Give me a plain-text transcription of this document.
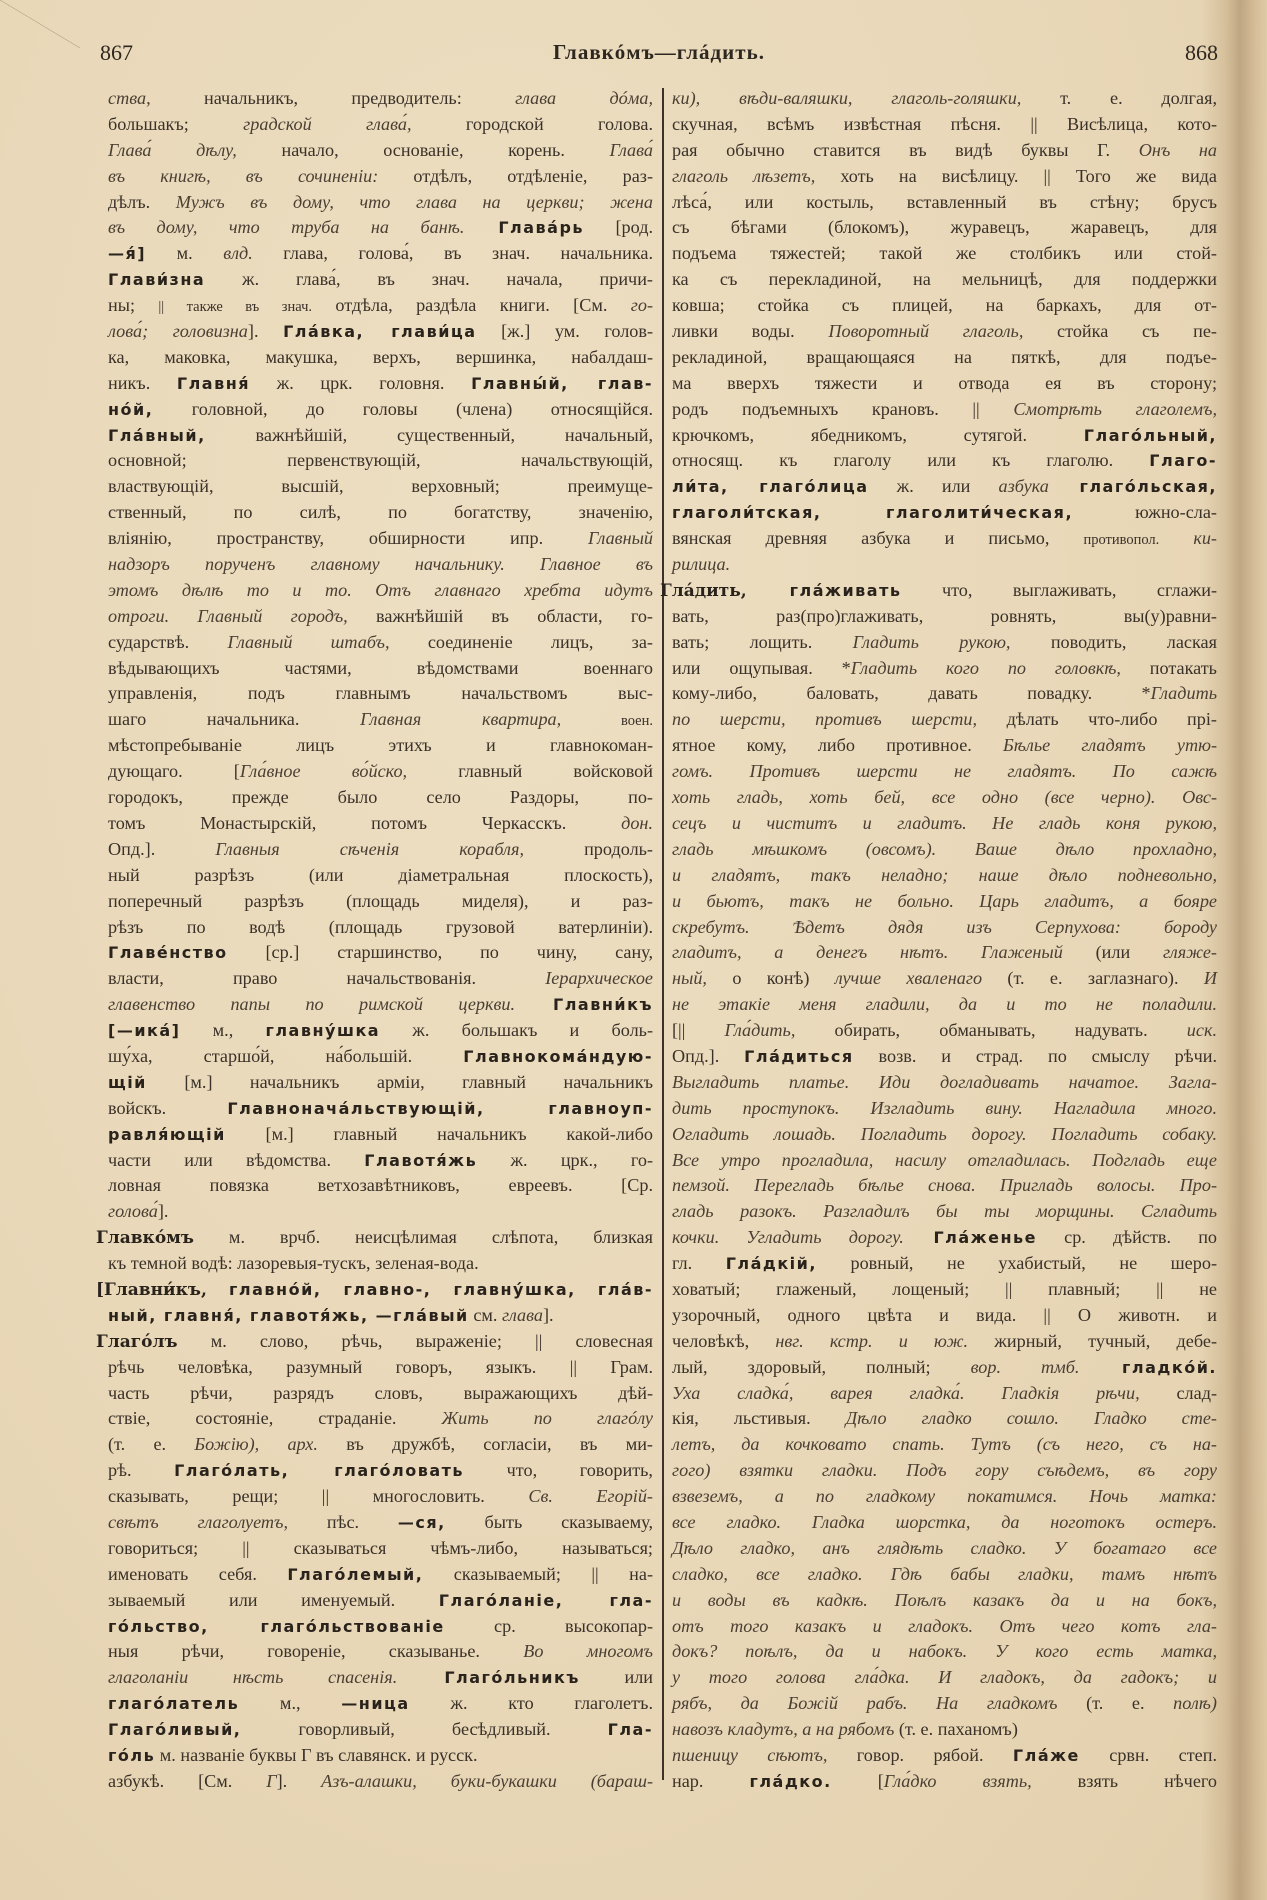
867	Главкóмъ—глáдить.	868
ства, начальникъ, предводитель: глава дóма,
большакъ; градской глава́, городской голова.
Глава́ дѣлу, начало, основаніе, корень. Глава́
въ книгѣ, въ сочиненіи: отдѣлъ, отдѣленіе, раз-
дѣлъ. Мужъ въ дому, что глава на церкви; жена
въ дому, что труба на банѣ. Глава́рь [род.
—я́] м. влд. глава, голова́, въ знач. начальника.
Глави́зна ж. глава́, въ знач. начала, причи-
ны; || также въ знач. отдѣла, раздѣла книги. [См. го-
лова́; головизна]. Гла́вка, глави́ца [ж.] ум. голов-
ка, маковка, макушка, верхъ, вершинка, набалдаш-
никъ. Главня́ ж. црк. головня. Главны́й, глав-
нóй, головной, до головы (члена) относящійся.
Гла́вный, важнѣйшій, существенный, начальный,
основной; первенствующій, начальствующій,
властвующій, высшій, верховный; преимуще-
ственный, по силѣ, по богатству, значенію,
вліянію, пространству, обширности ипр. Главный
надзоръ порученъ главному начальнику. Главное въ
этомъ дѣлѣ то и то. Отъ главнаго хребта идутъ
отроги. Главный городъ, важнѣйшій въ области, го-
сударствѣ. Главный штабъ, соединеніе лицъ, за-
вѣдывающихъ частями, вѣдомствами военнаго
управленія, подъ главнымъ начальствомъ выс-
шаго начальника. Главная квартира, воен.
мѣстопребываніе лицъ этихъ и главнокоман-
дующаго. [Гла́вное во́йско, главный войсковой
городокъ, прежде было село Раздоры, по-
томъ Монастырскій, потомъ Черкасскъ. дон.
Опд.]. Главныя сѣченія корабля, продоль-
ный разрѣзъ (или діаметральная плоскость),
поперечный разрѣзъ (площадь миделя), и раз-
рѣзъ по водѣ (площадь грузовой ватерлиніи).
Главе́нство [ср.] старшинство, по чину, сану,
власти, право начальствованія. Іерархическое
главенство папы по римской церкви. Главни́къ
[—ика́] м., главну́шка ж. большакъ и боль-
шу́ха, старшо́й, на́большій. Главнокома́ндую-
щій [м.] начальникъ арміи, главный начальникъ
войскъ. Главнонача́льствующій, главноуп-
равля́ющій [м.] главный начальникъ какой-либо
части или вѣдомства. Главотя́жь ж. црк., го-
ловная повязка ветхозавѣтниковъ, евреевъ. [Ср.
голова́].
Главкóмъ м. врчб. неисцѣлимая слѣпота, близкая
къ темной водѣ: лазоревыя-тускъ, зеленая-вода.
[Главни́къ, главнóй, главно-, главну́шка, гла́в-
ный, главня́, главотя́жь, —гла́вый см. глава].
Глагóлъ м. слово, рѣчь, выраженіе; || словесная
рѣчь человѣка, разумный говоръ, языкъ. || Грам.
часть рѣчи, разрядъ словъ, выражающихъ дѣй-
ствіе, состояніе, страданіе. Жить по глагóлу
(т. е. Божію), арх. въ дружбѣ, согласіи, въ ми-
рѣ. Глагóлать, глагóловать что, говорить,
сказывать, рещи; || многословить. Св. Егорій-
свѣтъ глаголуетъ, пѣс. —ся, быть сказываему,
говориться; || сказываться чѣмъ-либо, называться;
именовать себя. Глагóлемый, сказываемый; || на-
зываемый или именуемый. Глагóланіе, гла-
гóльство, глагóльствованіе ср. высокопар-
ныя рѣчи, говореніе, сказыванье. Во многомъ
глаголаніи нѣсть спасенія. Глагóльникъ или
глагóлатель м., —ница ж. кто глаголетъ.
Глагóливый, говорливый, бесѣдливый. Гла-
гóль м. названіе буквы Г въ славянск. и русск.
азбукѣ. [См. Г]. Азъ-алашки, буки-букашки (бараш-
ки), вѣди-валяшки, глаголь-голяшки, т. е. долгая,
скучная, всѣмъ извѣстная пѣсня. || Висѣлица, кото-
рая обычно ставится въ видѣ буквы Г. Онъ на
глаголь лѣзетъ, хоть на висѣлицу. || Того же вида
лѣса́, или костыль, вставленный въ стѣну; брусъ
съ бѣгами (блокомъ), журавецъ, жаравецъ, для
подъема тяжестей; такой же столбикъ или стой-
ка съ перекладиной, на мельницѣ, для поддержки
ковша; стойка съ плицей, на баркахъ, для от-
ливки воды. Поворотный глаголь, стойка съ пе-
рекладиной, вращающаяся на пяткѣ, для подъе-
ма вверхъ тяжести и отвода ея въ сторону;
родъ подъемныхъ крановъ. || Смотрѣть глаголемъ,
крючкомъ, ябедникомъ, сутягой. Глагóльный,
относящ. къ глаголу или къ глаголю. Глаго-
ли́та, глагóлица ж. или азбука глагóльская,
глаголи́тская, глаголити́ческая, южно-сла-
вянская древняя азбука и письмо, противопол. ки-
рилица.
Гла́дить, гла́живать что, выглаживать, сглажи-
вать, раз(про)глаживать, ровнять, вы(у)равни-
вать; лощить. Гладить рукою, поводить, лаская
или ощупывая. *Гладить кого по головкѣ, потакать
кому-либо, баловать, давать повадку. *Гладить
по шерсти, противъ шерсти, дѣлать что-либо прі-
ятное кому, либо противное. Бѣлье гладятъ утю-
гомъ. Противъ шерсти не гладятъ. По сажѣ
хоть гладь, хоть бей, все одно (все черно). Овс-
сецъ и чиститъ и гладитъ. Не гладь коня рукою,
гладь мѣшкомъ (овсомъ). Ваше дѣло прохладно,
и гладятъ, такъ неладно; наше дѣло подневольно,
и бьютъ, такъ не больно. Царь гладитъ, а бояре
скребутъ. Ѣдетъ дядя изъ Серпухова: бороду
гладитъ, а денегъ нѣтъ. Глаженый (или гляже-
ный, о конѣ) лучше хваленаго (т. е. заглазнаго). И
не этакіе меня гладили, да и то не поладили.
[|| Гла́дить, обирать, обманывать, надувать. иск.
Опд.]. Гла́диться возв. и страд. по смыслу рѣчи.
Выгладить платье. Иди догладивать начатое. Загла-
дить проступокъ. Изгладить вину. Нагладила много.
Огладить лошадь. Погладить дорогу. Погладить собаку.
Все утро прогладила, насилу отгладилась. Подгладь еще
пемзой. Перегладь бѣлье снова. Пригладь волосы. Про-
гладь разокъ. Разгладилъ бы ты морщины. Сгладить
кочки. Угладить дорогу. Гла́женье ср. дѣйств. по
гл. Гла́дкій, ровный, не ухабистый, не шеро-
ховатый; глаженый, лощеный; || плавный; || не
узорочный, одного цвѣта и вида. || О животн. и
человѣкѣ, нвг. кстр. и юж. жирный, тучный, дебе-
лый, здоровый, полный; вор. тмб. гладкóй.
Уха сладка́, варея гладка́. Гладкія рѣчи, слад-
кія, льстивыя. Дѣло гладко сошло. Гладко сте-
летъ, да кочковато спать. Тутъ (съ него, съ на-
гого) взятки гладки. Подъ гору съѣдемъ, въ гору
взвеземъ, а по гладкому покатимся. Ночь матка:
все гладко. Гладка шорстка, да ноготокъ остеръ.
Дѣло гладко, анъ глядѣть сладко. У богатаго все
сладко, все гладко. Гдѣ бабы гладки, тамъ нѣтъ
и воды въ кадкѣ. Поѣлъ казакъ да и на бокъ,
отъ того казакъ и гладокъ. Отъ чего котъ гла-
докъ? поѣлъ, да и набокъ. У кого есть матка,
у того голова гла́дка. И гладокъ, да гадокъ; и
рябъ, да Божій рабъ. На гладкомъ (т. е. полѣ)
навозъ кладутъ, а на рябомъ (т. е. паханомъ)
пшеницу сѣютъ, говор. рябой. Гла́же срвн. степ.
нар. гла́дко. [Гла́дко взять, взять нѣчего
